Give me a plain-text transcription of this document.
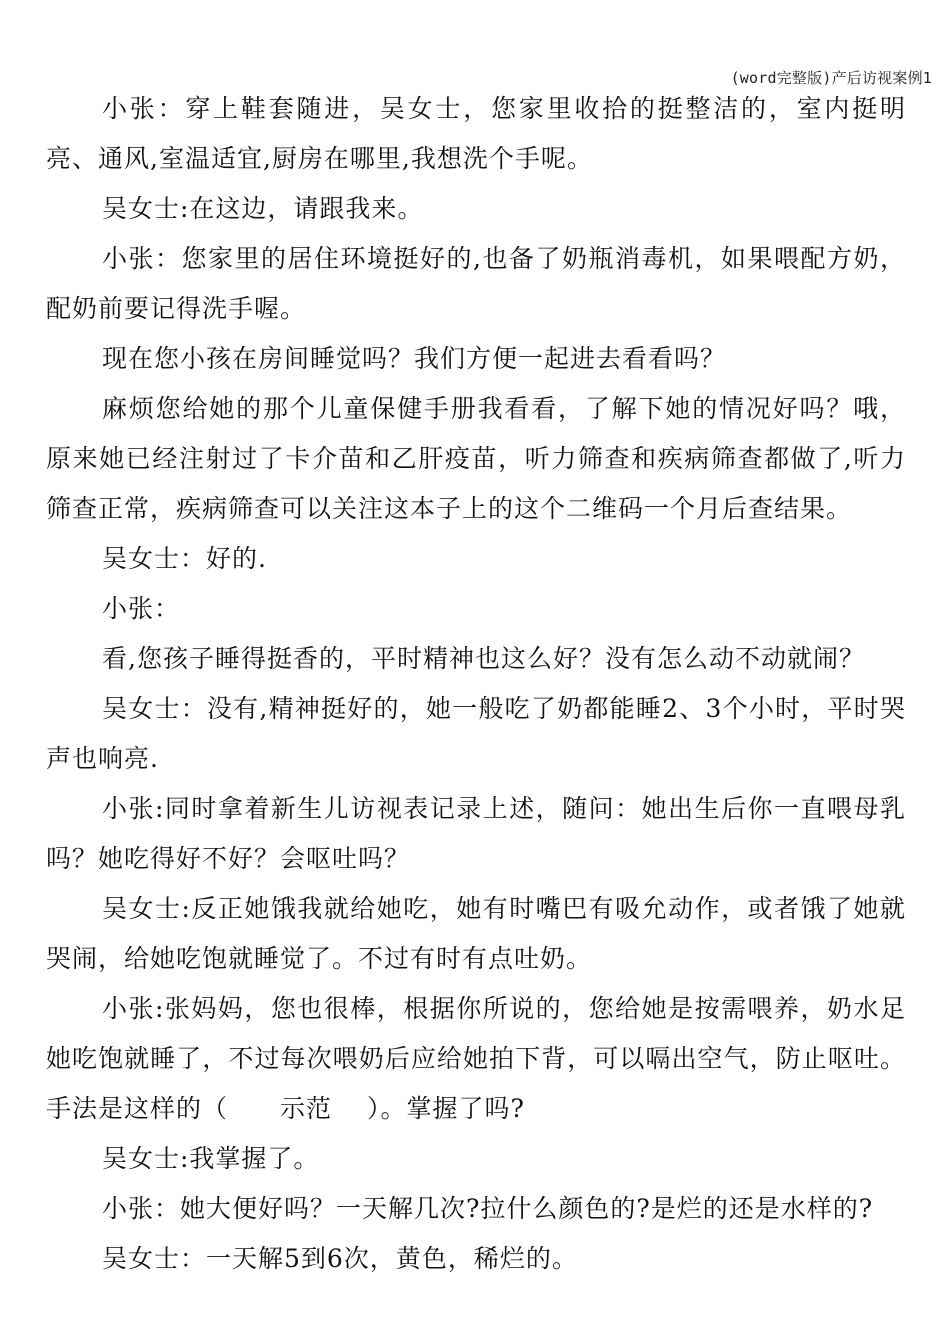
(word完整版)产后访视案例1

小张：穿上鞋套随进，吴女士，您家里收拾的挺整洁的，室内挺明亮、通风,室温适宜,厨房在哪里,我想洗个手呢。

吴女士:在这边，请跟我来。

小张：您家里的居住环境挺好的,也备了奶瓶消毒机，如果喂配方奶，配奶前要记得洗手喔。

现在您小孩在房间睡觉吗？我们方便一起进去看看吗？

麻烦您给她的那个儿童保健手册我看看，了解下她的情况好吗？哦，原来她已经注射过了卡介苗和乙肝疫苗，听力筛查和疾病筛查都做了,听力筛查正常，疾病筛查可以关注这本子上的这个二维码一个月后查结果。

吴女士：好的.

小张：

看,您孩子睡得挺香的，平时精神也这么好？没有怎么动不动就闹？

吴女士：没有,精神挺好的，她一般吃了奶都能睡2、3个小时，平时哭声也响亮.

小张:同时拿着新生儿访视表记录上述，随问：她出生后你一直喂母乳吗？她吃得好不好？会呕吐吗？

吴女士:反正她饿我就给她吃，她有时嘴巴有吸允动作，或者饿了她就哭闹，给她吃饱就睡觉了。不过有时有点吐奶。

小张:张妈妈，您也很棒，根据你所说的，您给她是按需喂养，奶水足她吃饱就睡了，不过每次喂奶后应给她拍下背，可以嗝出空气，防止呕吐。手法是这样的（　　示范　 ）。掌握了吗?

吴女士:我掌握了。

小张：她大便好吗？一天解几次?拉什么颜色的?是烂的还是水样的?

吴女士：一天解5到6次，黄色，稀烂的。
